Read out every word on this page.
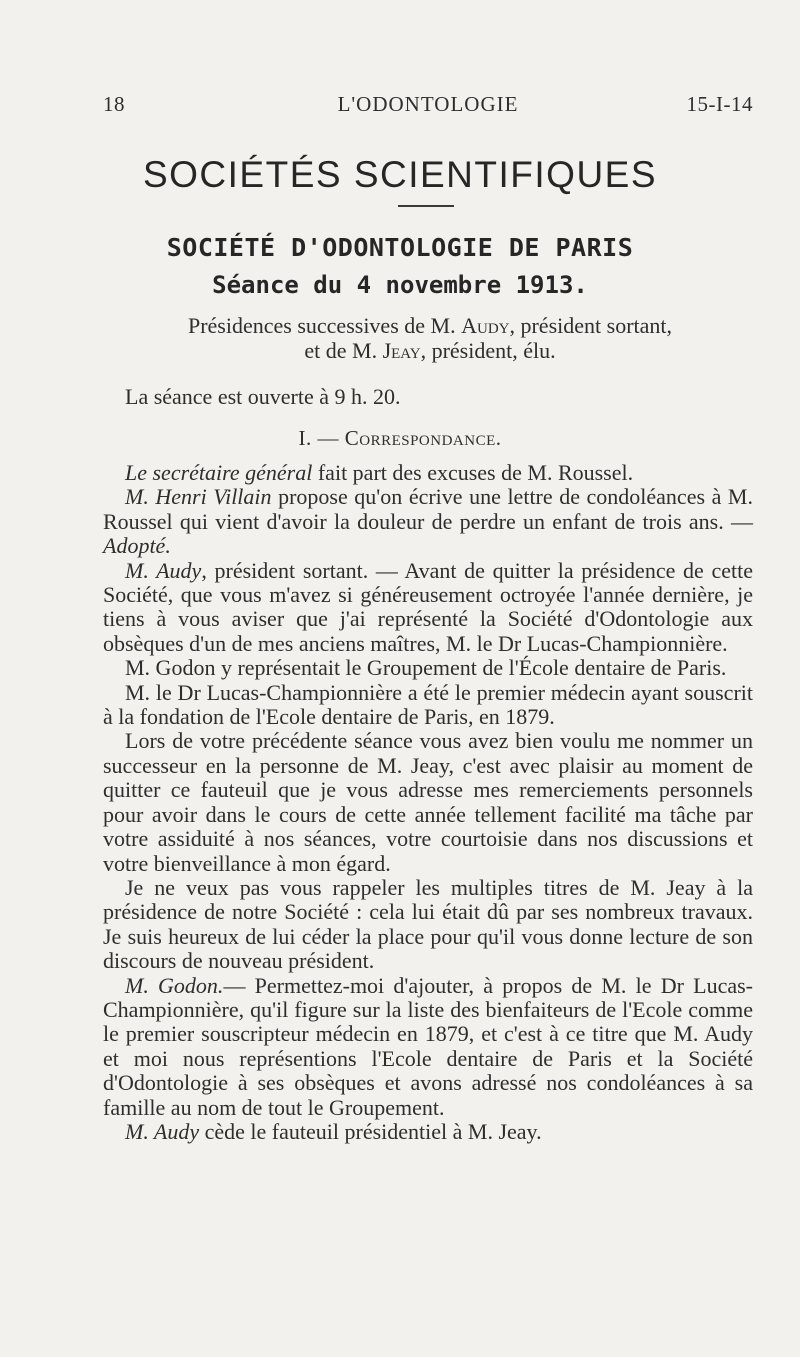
18	L'ODONTOLOGIE	15-I-14
SOCIÉTÉS SCIENTIFIQUES
SOCIÉTÉ D'ODONTOLOGIE DE PARIS
Séance du 4 novembre 1913.
Présidences successives de M. Audy, président sortant,
et de M. Jeay, président, élu.
La séance est ouverte à 9 h. 20.
I. — Correspondance.

Le secrétaire général fait part des excuses de M. Roussel.

M. Henri Villain propose qu'on écrive une lettre de condoléances à M. Roussel qui vient d'avoir la douleur de perdre un enfant de trois ans. — Adopté.

M. Audy, président sortant. — Avant de quitter la présidence de cette Société, que vous m'avez si généreusement octroyée l'année dernière, je tiens à vous aviser que j'ai représenté la Société d'Odontologie aux obsèques d'un de mes anciens maîtres, M. le Dr Lucas-Championnière.

M. Godon y représentait le Groupement de l'École dentaire de Paris.

M. le Dr Lucas-Championnière a été le premier médecin ayant souscrit à la fondation de l'Ecole dentaire de Paris, en 1879.

Lors de votre précédente séance vous avez bien voulu me nommer un successeur en la personne de M. Jeay, c'est avec plaisir au moment de quitter ce fauteuil que je vous adresse mes remerciements personnels pour avoir dans le cours de cette année tellement facilité ma tâche par votre assiduité à nos séances, votre courtoisie dans nos discussions et votre bienveillance à mon égard.

Je ne veux pas vous rappeler les multiples titres de M. Jeay à la présidence de notre Société : cela lui était dû par ses nombreux travaux. Je suis heureux de lui céder la place pour qu'il vous donne lecture de son discours de nouveau président.

M. Godon.— Permettez-moi d'ajouter, à propos de M. le Dr Lucas-Championnière, qu'il figure sur la liste des bienfaiteurs de l'Ecole comme le premier souscripteur médecin en 1879, et c'est à ce titre que M. Audy et moi nous représentions l'Ecole dentaire de Paris et la Société d'Odontologie à ses obsèques et avons adressé nos condoléances à sa famille au nom de tout le Groupement.

M. Audy cède le fauteuil présidentiel à M. Jeay.
